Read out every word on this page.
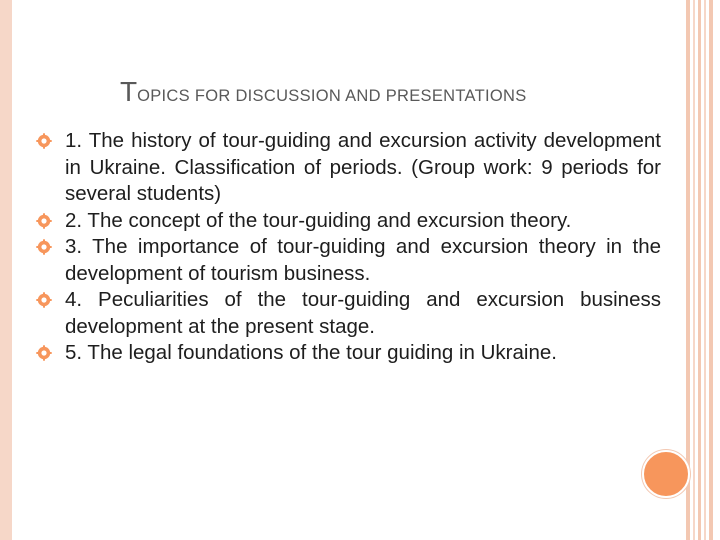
TOPICS FOR DISCUSSION AND PRESENTATIONS
1. The history of tour-guiding and excursion activity development in Ukraine. Classification of periods. (Group work: 9 periods for several students)
2. The concept of the tour-guiding and excursion theory.
3. The importance of tour-guiding and excursion theory in the development of tourism business.
4. Peculiarities of the tour-guiding and excursion business development at the present stage.
5. The legal foundations of the tour guiding in Ukraine.
